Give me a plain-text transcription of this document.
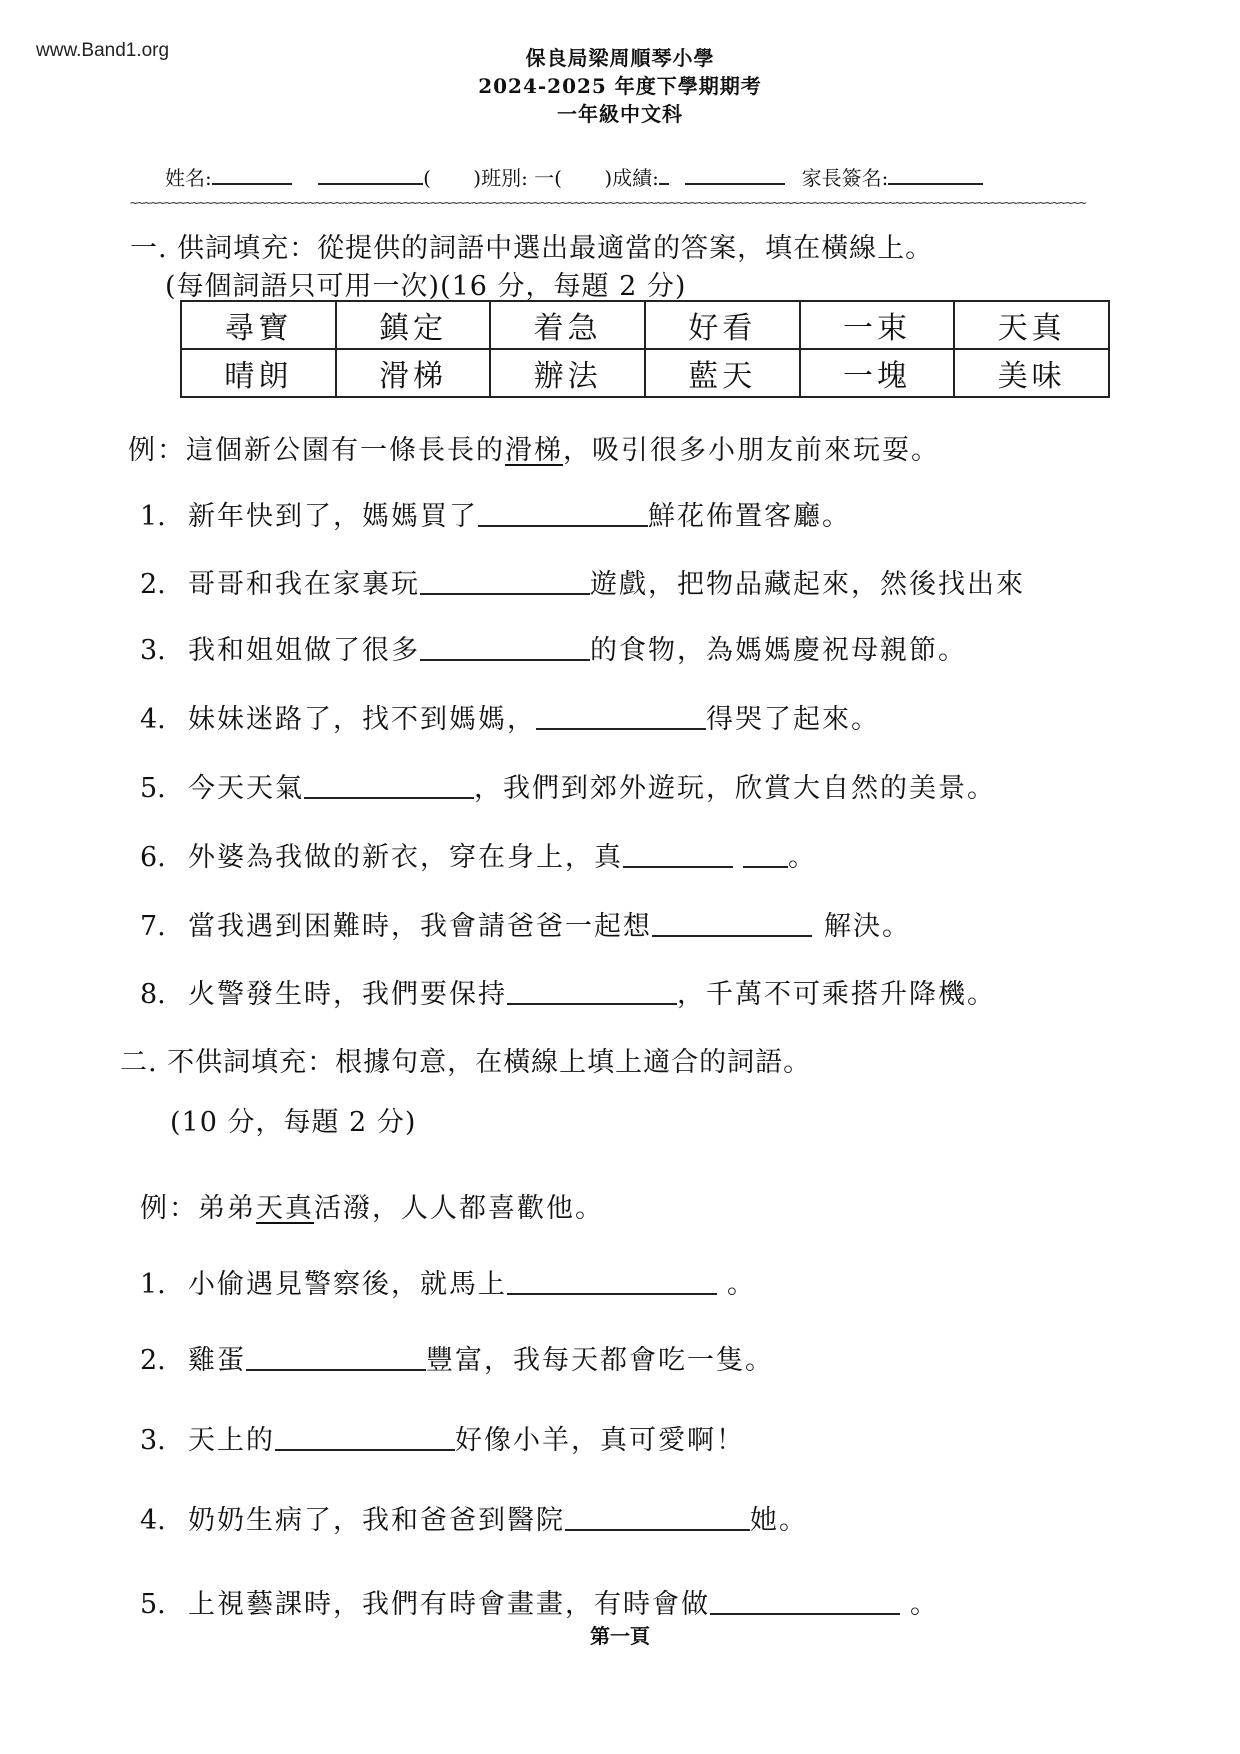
www.Band1.org	保良局梁周順琴小學
2024-2025 年度下學期期考
一年級中文科
姓名:	( )班別: 一( )成績:	家長簽名:
~~~~~~~~~~~~~~~~~~~~~~~~~~~~~~~~~~~~~~~~~~~~~~~~~~~~~~~~~~~~~~~~~~~~~~~~~~~~~~~~~~~~~~~~~~~~~~~~~~~~~~~~~~~~~~~~~~~~~~~~~~~~~~~~~~~~~~~~~~~~
一. 供詞填充：從提供的詞語中選出最適當的答案，填在橫線上。
(每個詞語只可用一次)(16 分，每題 2 分)
尋寶	鎮定	着急	好看	一束	天真
晴朗	滑梯	辦法	藍天	一塊	美味
例：這個新公園有一條長長的滑梯，吸引很多小朋友前來玩耍。
1. 新年快到了，媽媽買了	鮮花佈置客廳。
2. 哥哥和我在家裏玩	遊戲，把物品藏起來，然後找出來
3. 我和姐姐做了很多	的食物，為媽媽慶祝母親節。
4. 妹妹迷路了，找不到媽媽，	得哭了起來。
5. 今天天氣	，我們到郊外遊玩，欣賞大自然的美景。
6. 外婆為我做的新衣，穿在身上，真	。
7. 當我遇到困難時，我會請爸爸一起想	解決。
8. 火警發生時，我們要保持	，千萬不可乘搭升降機。
二. 不供詞填充：根據句意，在橫線上填上適合的詞語。
(10 分，每題 2 分)
例：弟弟天真活潑，人人都喜歡他。
1. 小偷遇見警察後，就馬上	。
2. 雞蛋	豐富，我每天都會吃一隻。
3. 天上的	好像小羊，真可愛啊！
4. 奶奶生病了，我和爸爸到醫院	她。
5. 上視藝課時，我們有時會畫畫，有時會做	。
第一頁
